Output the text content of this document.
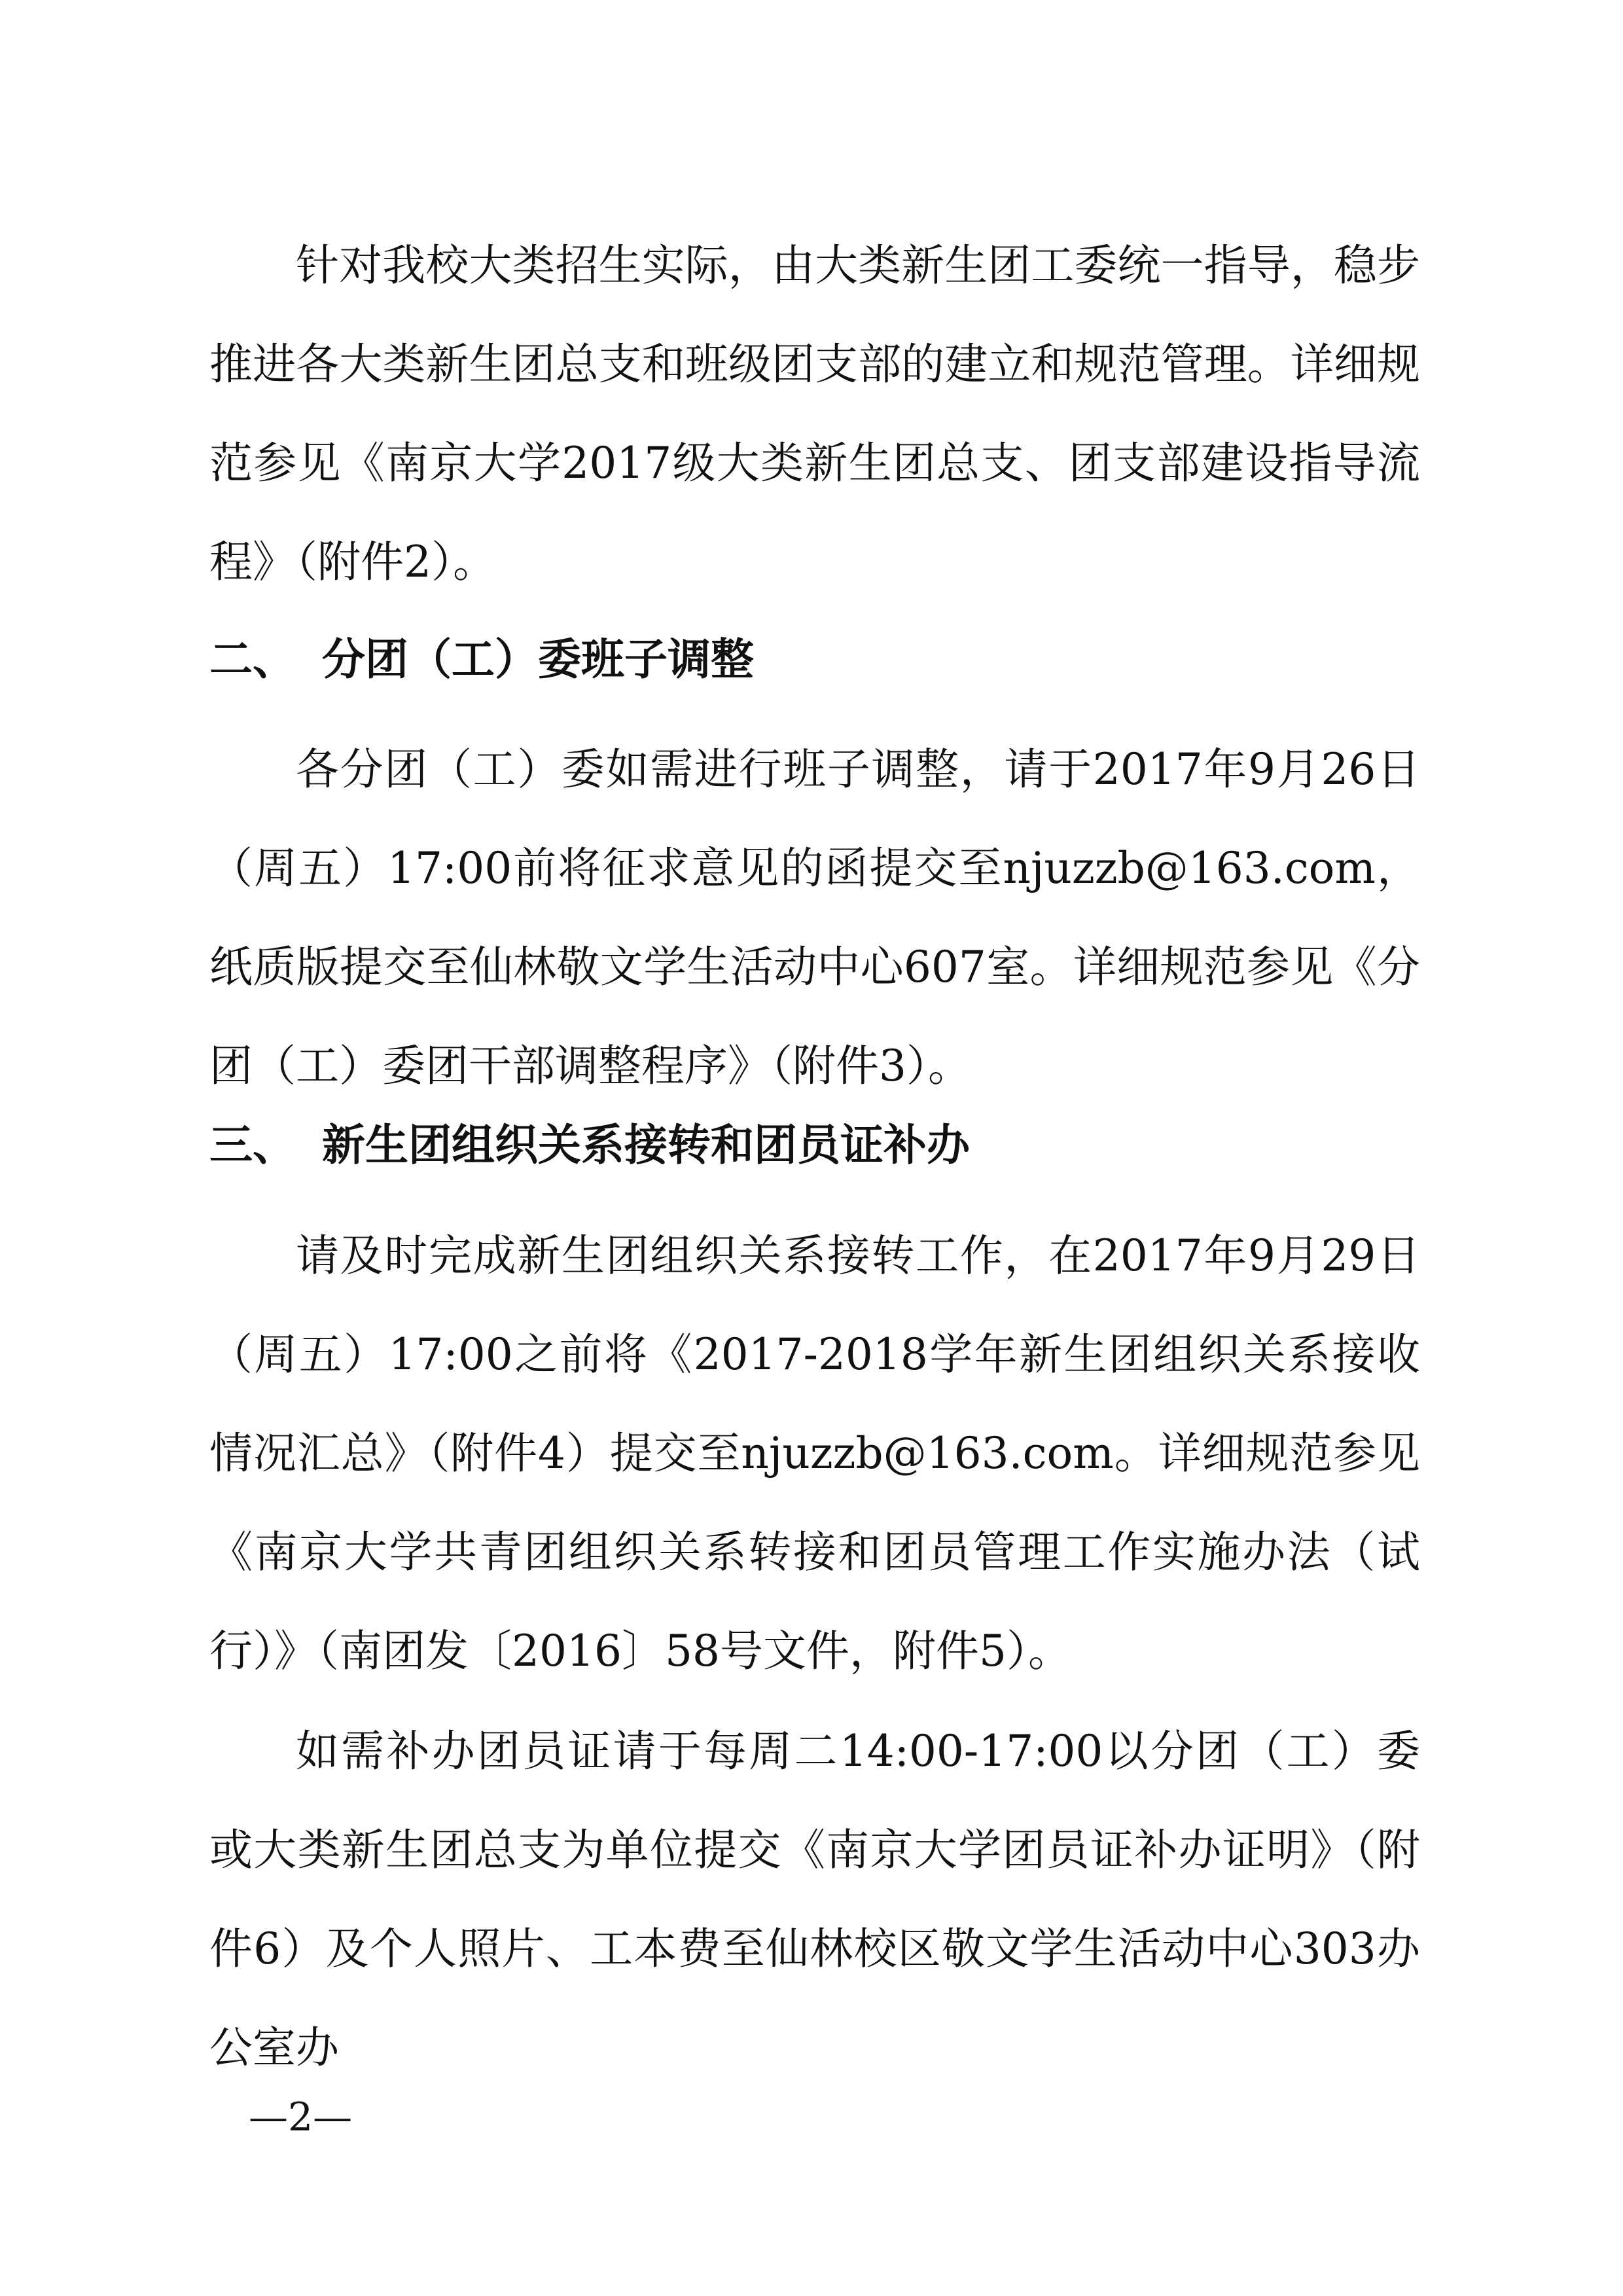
针对我校大类招生实际，由大类新生团工委统一指导，稳步推进各大类新生团总支和班级团支部的建立和规范管理。详细规范参见《南京大学2017级大类新生团总支、团支部建设指导流程》（附件2）。

二、 分团（工）委班子调整

各分团（工）委如需进行班子调整，请于2017年9月26日（周五）17:00前将征求意见的函提交至njuzzb@163.com，纸质版提交至仙林敬文学生活动中心607室。详细规范参见《分团（工）委团干部调整程序》（附件3）。

三、 新生团组织关系接转和团员证补办

请及时完成新生团组织关系接转工作，在2017年9月29日（周五）17:00之前将《2017-2018学年新生团组织关系接收情况汇总》（附件4）提交至njuzzb@163.com。详细规范参见《南京大学共青团组织关系转接和团员管理工作实施办法（试行）》（南团发〔2016〕58号文件，附件5）。

如需补办团员证请于每周二14:00-17:00以分团（工）委或大类新生团总支为单位提交《南京大学团员证补办证明》（附件6）及个人照片、工本费至仙林校区敬文学生活动中心303办公室办

—2—
